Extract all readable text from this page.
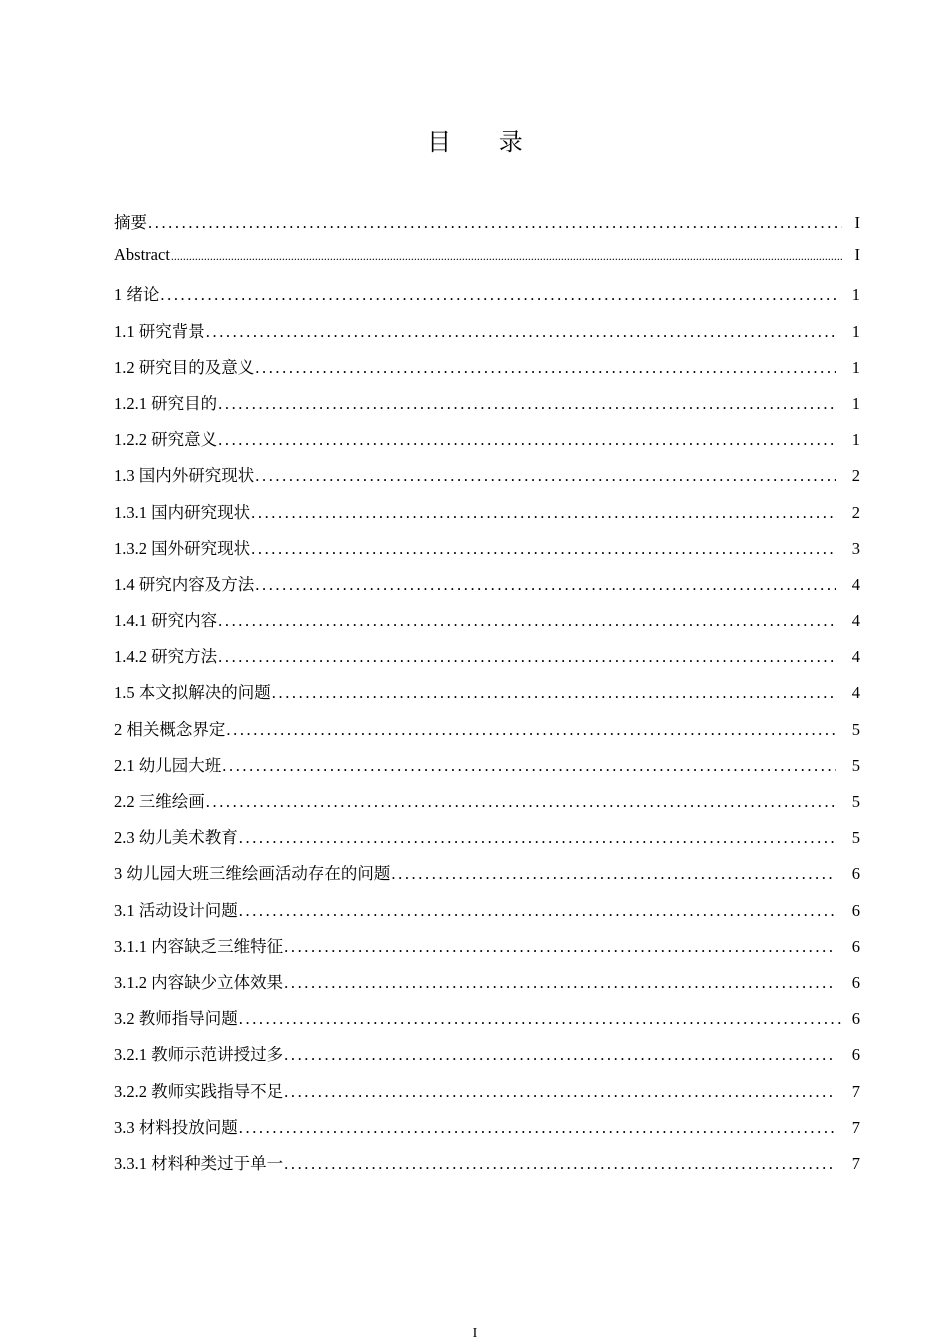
目 录
摘要 .....	I
Abstract .....	I
1 绪论 .....	1
1.1 研究背景 .....	1
1.2 研究目的及意义 .....	1
1.2.1 研究目的 .....	1
1.2.2 研究意义 .....	1
1.3 国内外研究现状 .....	2
1.3.1 国内研究现状 .....	2
1.3.2 国外研究现状 .....	3
1.4 研究内容及方法 .....	4
1.4.1 研究内容 .....	4
1.4.2 研究方法 .....	4
1.5 本文拟解决的问题 .....	4
2 相关概念界定 .....	5
2.1 幼儿园大班 .....	5
2.2 三维绘画 .....	5
2.3 幼儿美术教育 .....	5
3 幼儿园大班三维绘画活动存在的问题 .....	6
3.1 活动设计问题 .....	6
3.1.1 内容缺乏三维特征 .....	6
3.1.2 内容缺少立体效果 .....	6
3.2 教师指导问题 .....	6
3.2.1 教师示范讲授过多 .....	6
3.2.2 教师实践指导不足 .....	7
3.3 材料投放问题 .....	7
3.3.1 材料种类过于单一 .....	7
I
